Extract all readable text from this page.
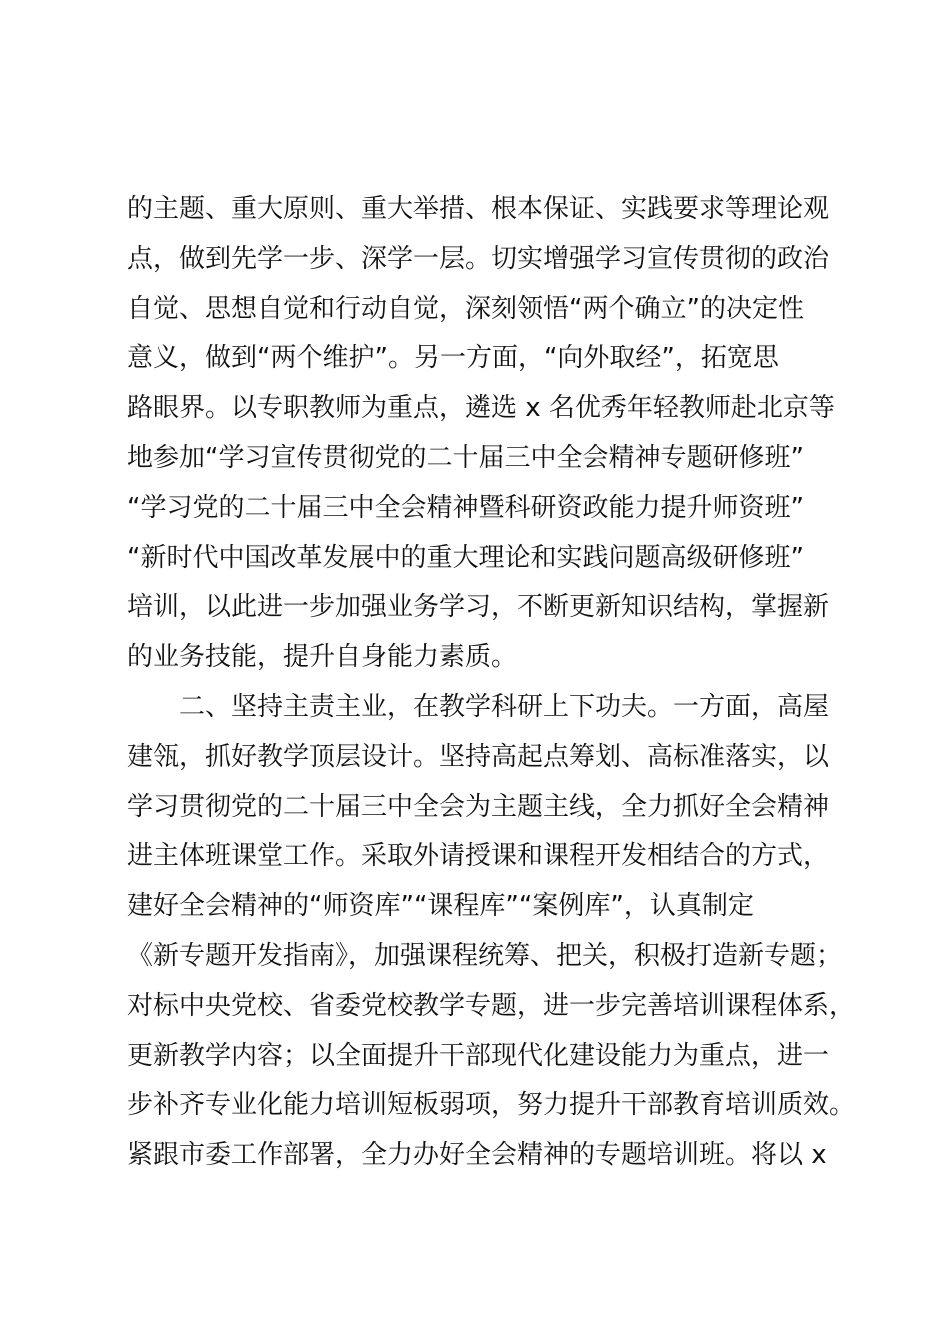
的主题、重大原则、重大举措、根本保证、实践要求等理论观
点，做到先学一步、深学一层。切实增强学习宣传贯彻的政治
自觉、思想自觉和行动自觉，深刻领悟“两个确立”的决定性
意义，做到“两个维护”。另一方面，“向外取经”，拓宽思
路眼界。以专职教师为重点，遴选 x 名优秀年轻教师赴北京等
地参加“学习宣传贯彻党的二十届三中全会精神专题研修班”
“学习党的二十届三中全会精神暨科研资政能力提升师资班”
“新时代中国改革发展中的重大理论和实践问题高级研修班”
培训，以此进一步加强业务学习，不断更新知识结构，掌握新
的业务技能，提升自身能力素质。
二、坚持主责主业，在教学科研上下功夫。一方面，高屋
建瓴，抓好教学顶层设计。坚持高起点筹划、高标准落实，以
学习贯彻党的二十届三中全会为主题主线，全力抓好全会精神
进主体班课堂工作。采取外请授课和课程开发相结合的方式，
建好全会精神的“师资库”“课程库”“案例库”，认真制定
《新专题开发指南》，加强课程统筹、把关，积极打造新专题；
对标中央党校、省委党校教学专题，进一步完善培训课程体系，
更新教学内容；以全面提升干部现代化建设能力为重点，进一
步补齐专业化能力培训短板弱项，努力提升干部教育培训质效。
紧跟市委工作部署，全力办好全会精神的专题培训班。将以 x
